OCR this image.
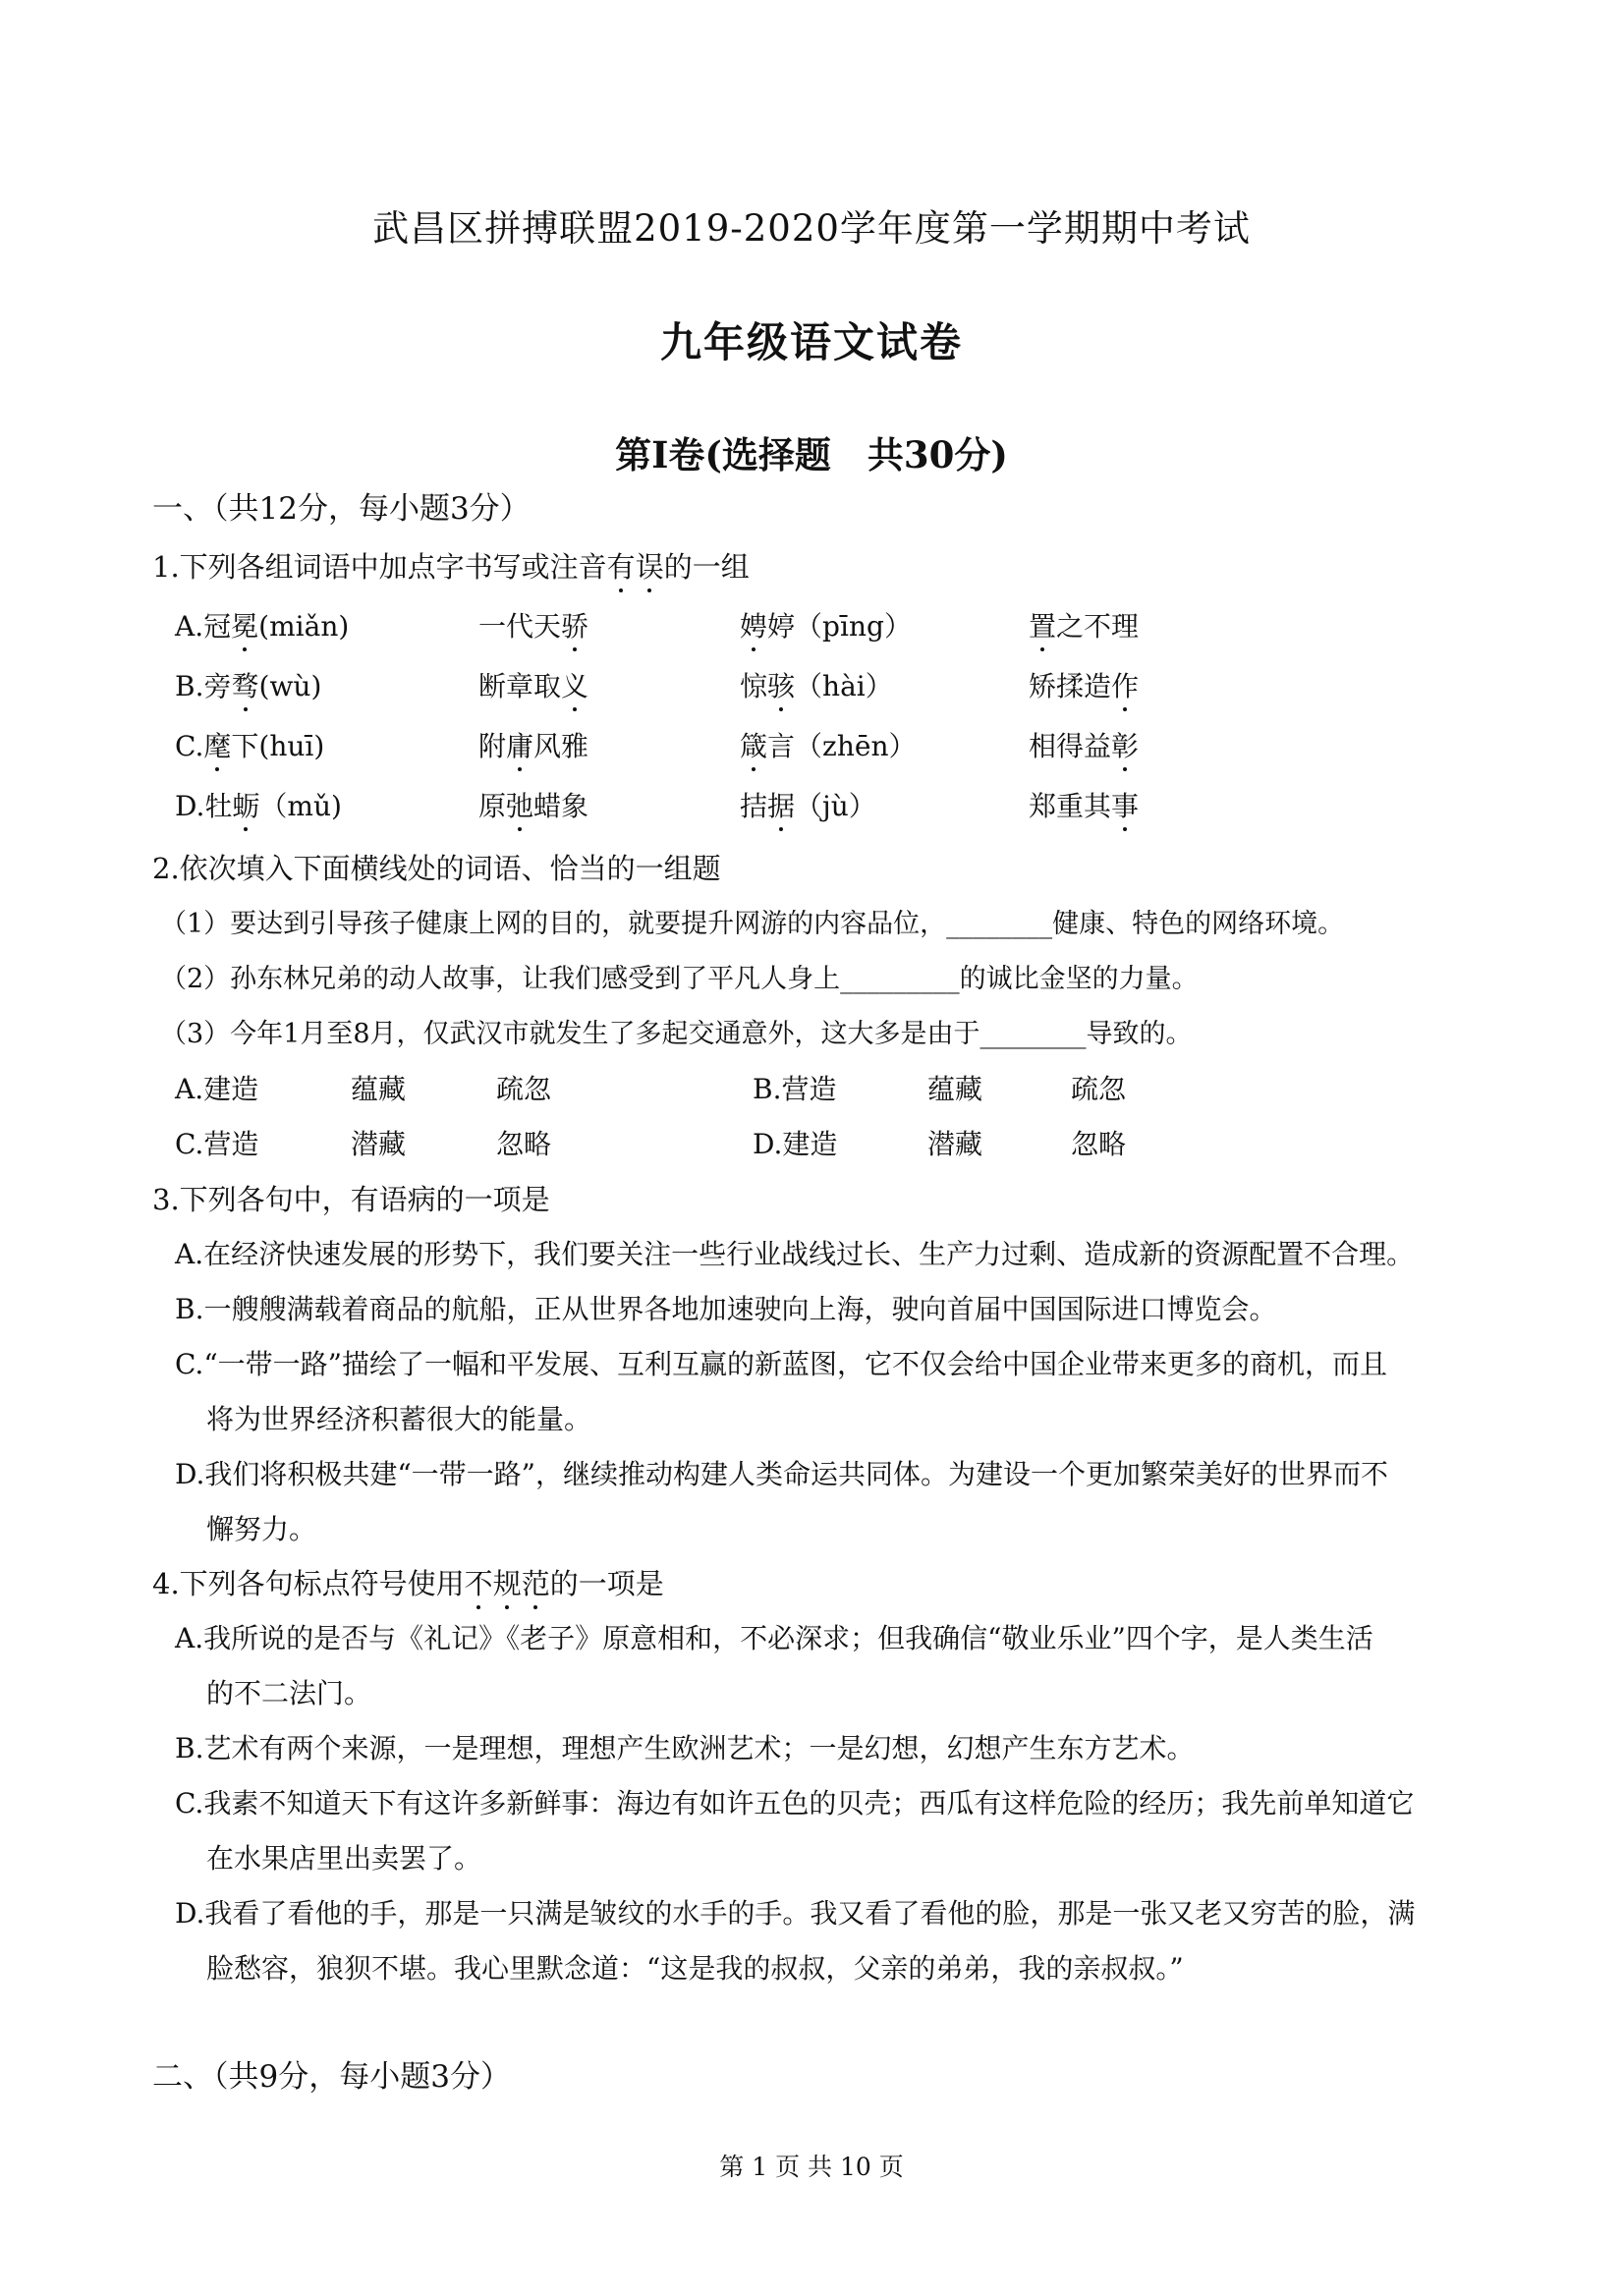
武昌区拼搏联盟2019-2020学年度第一学期期中考试
九年级语文试卷
第Ⅰ卷(选择题　共30分)
一、（共12分，每小题3分）
1.下列各组词语中加点字书写或注音有误的一组
A.冠冕(miǎn)	一代天骄	娉婷（pīng）	置之不理
B.旁骛(wù)	断章取义	惊骇（hài）	矫揉造作
C.麾下(huī)	附庸风雅	箴言（zhēn）	相得益彰
D.牡蛎（mǔ)	原弛蜡象	拮据（jù）	郑重其事
2.依次填入下面横线处的词语、恰当的一组题
（1）要达到引导孩子健康上网的目的，就要提升网游的内容品位，________健康、特色的网络环境。
（2）孙东林兄弟的动人故事，让我们感受到了平凡人身上_________的诚比金坚的力量。
（3）今年1月至8月，仅武汉市就发生了多起交通意外，这大多是由于________导致的。
A.建造	蕴藏	疏忽	B.营造	蕴藏	疏忽
C.营造	潜藏	忽略	D.建造	潜藏	忽略
3.下列各句中，有语病的一项是
A.在经济快速发展的形势下，我们要关注一些行业战线过长、生产力过剩、造成新的资源配置不合理。
B.一艘艘满载着商品的航船，正从世界各地加速驶向上海，驶向首届中国国际进口博览会。
C.“一带一路”描绘了一幅和平发展、互利互赢的新蓝图，它不仅会给中国企业带来更多的商机，而且
将为世界经济积蓄很大的能量。
D.我们将积极共建“一带一路”，继续推动构建人类命运共同体。为建设一个更加繁荣美好的世界而不
懈努力。
4.下列各句标点符号使用不规范的一项是
A.我所说的是否与《礼记》《老子》原意相和，不必深求；但我确信“敬业乐业”四个字，是人类生活
的不二法门。
B.艺术有两个来源，一是理想，理想产生欧洲艺术；一是幻想，幻想产生东方艺术。
C.我素不知道天下有这许多新鲜事：海边有如许五色的贝壳；西瓜有这样危险的经历；我先前单知道它
在水果店里出卖罢了。
D.我看了看他的手，那是一只满是皱纹的水手的手。我又看了看他的脸，那是一张又老又穷苦的脸，满
脸愁容，狼狈不堪。我心里默念道：“这是我的叔叔，父亲的弟弟，我的亲叔叔。”
二、（共9分，每小题3分）
第 1 页 共 10 页
